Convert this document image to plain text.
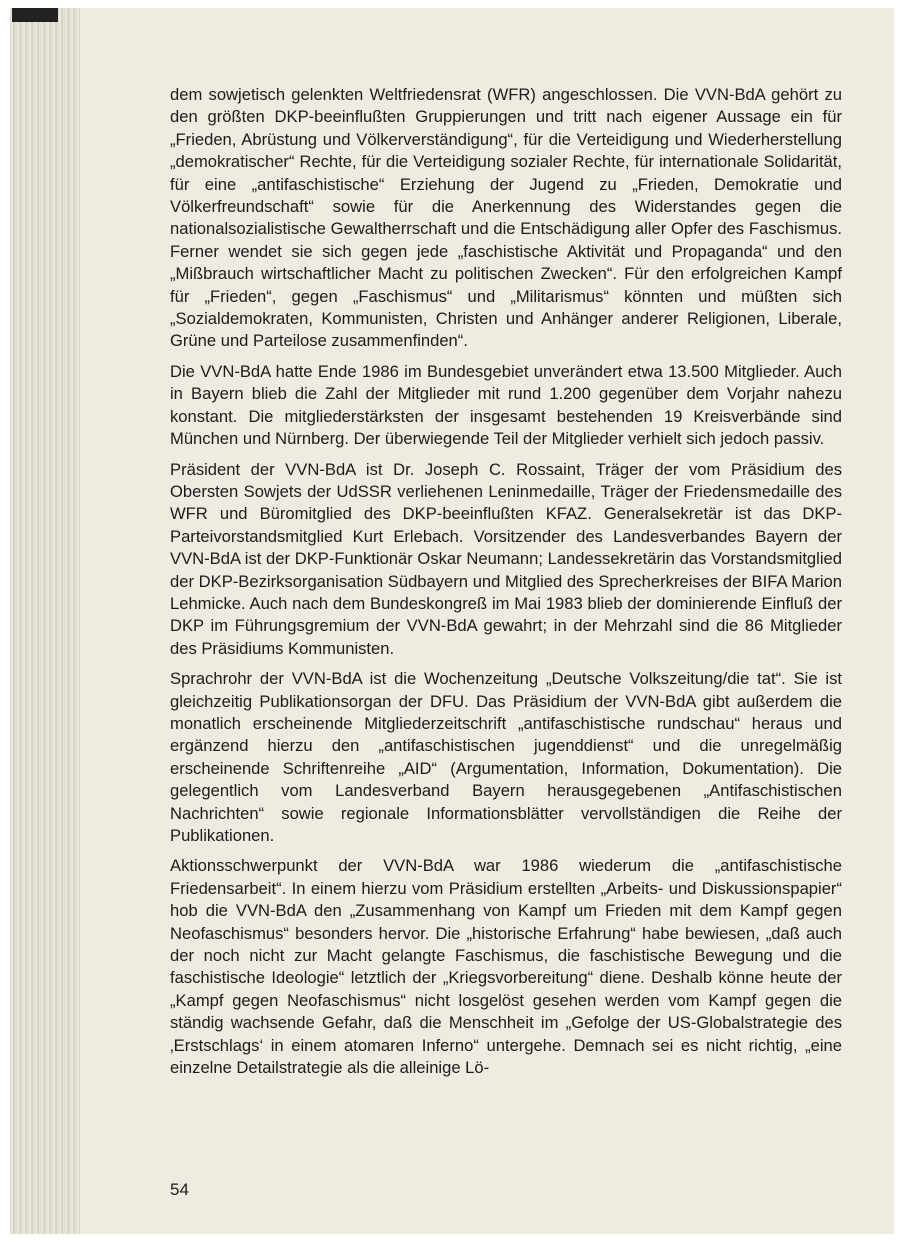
dem sowjetisch gelenkten Weltfriedensrat (WFR) angeschlossen. Die VVN-BdA gehört zu den größten DKP-beeinflußten Gruppierungen und tritt nach eigener Aussage ein für „Frieden, Abrüstung und Völkerverständigung“, für die Verteidigung und Wiederherstellung „demokratischer“ Rechte, für die Verteidigung sozialer Rechte, für internationale Solidarität, für eine „antifaschistische“ Erziehung der Jugend zu „Frieden, Demokratie und Völkerfreundschaft“ sowie für die Anerkennung des Widerstandes gegen die nationalsozialistische Gewaltherrschaft und die Entschädigung aller Opfer des Faschismus. Ferner wendet sie sich gegen jede „faschistische Aktivität und Propaganda“ und den „Mißbrauch wirtschaftlicher Macht zu politischen Zwecken“. Für den erfolgreichen Kampf für „Frieden“, gegen „Faschismus“ und „Militarismus“ könnten und müßten sich „Sozialdemokraten, Kommunisten, Christen und Anhänger anderer Religionen, Liberale, Grüne und Parteilose zusammenfinden“.

Die VVN-BdA hatte Ende 1986 im Bundesgebiet unverändert etwa 13.500 Mitglieder. Auch in Bayern blieb die Zahl der Mitglieder mit rund 1.200 gegenüber dem Vorjahr nahezu konstant. Die mitgliederstärksten der insgesamt bestehenden 19 Kreisverbände sind München und Nürnberg. Der überwiegende Teil der Mitglieder verhielt sich jedoch passiv.

Präsident der VVN-BdA ist Dr. Joseph C. Rossaint, Träger der vom Präsidium des Obersten Sowjets der UdSSR verliehenen Leninmedaille, Träger der Friedensmedaille des WFR und Büromitglied des DKP-beeinflußten KFAZ. Generalsekretär ist das DKP-Parteivorstandsmitglied Kurt Erlebach. Vorsitzender des Landesverbandes Bayern der VVN-BdA ist der DKP-Funktionär Oskar Neumann; Landessekretärin das Vorstandsmitglied der DKP-Bezirksorganisation Südbayern und Mitglied des Sprecherkreises der BIFA Marion Lehmicke. Auch nach dem Bundeskongreß im Mai 1983 blieb der dominierende Einfluß der DKP im Führungsgremium der VVN-BdA gewahrt; in der Mehrzahl sind die 86 Mitglieder des Präsidiums Kommunisten.

Sprachrohr der VVN-BdA ist die Wochenzeitung „Deutsche Volkszeitung/die tat“. Sie ist gleichzeitig Publikationsorgan der DFU. Das Präsidium der VVN-BdA gibt außerdem die monatlich erscheinende Mitgliederzeitschrift „antifaschistische rundschau“ heraus und ergänzend hierzu den „antifaschistischen jugenddienst“ und die unregelmäßig erscheinende Schriftenreihe „AID“ (Argumentation, Information, Dokumentation). Die gelegentlich vom Landesverband Bayern herausgegebenen „Antifaschistischen Nachrichten“ sowie regionale Informationsblätter vervollständigen die Reihe der Publikationen.

Aktionsschwerpunkt der VVN-BdA war 1986 wiederum die „antifaschistische Friedensarbeit“. In einem hierzu vom Präsidium erstellten „Arbeits- und Diskussionspapier“ hob die VVN-BdA den „Zusammenhang von Kampf um Frieden mit dem Kampf gegen Neofaschismus“ besonders hervor. Die „historische Erfahrung“ habe bewiesen, „daß auch der noch nicht zur Macht gelangte Faschismus, die faschistische Bewegung und die faschistische Ideologie“ letztlich der „Kriegsvorbereitung“ diene. Deshalb könne heute der „Kampf gegen Neofaschismus“ nicht losgelöst gesehen werden vom Kampf gegen die ständig wachsende Gefahr, daß die Menschheit im „Gefolge der US-Globalstrategie des ‚Erstschlags‘ in einem atomaren Inferno“ untergehe. Demnach sei es nicht richtig, „eine einzelne Detailstrategie als die alleinige Lö-

54
